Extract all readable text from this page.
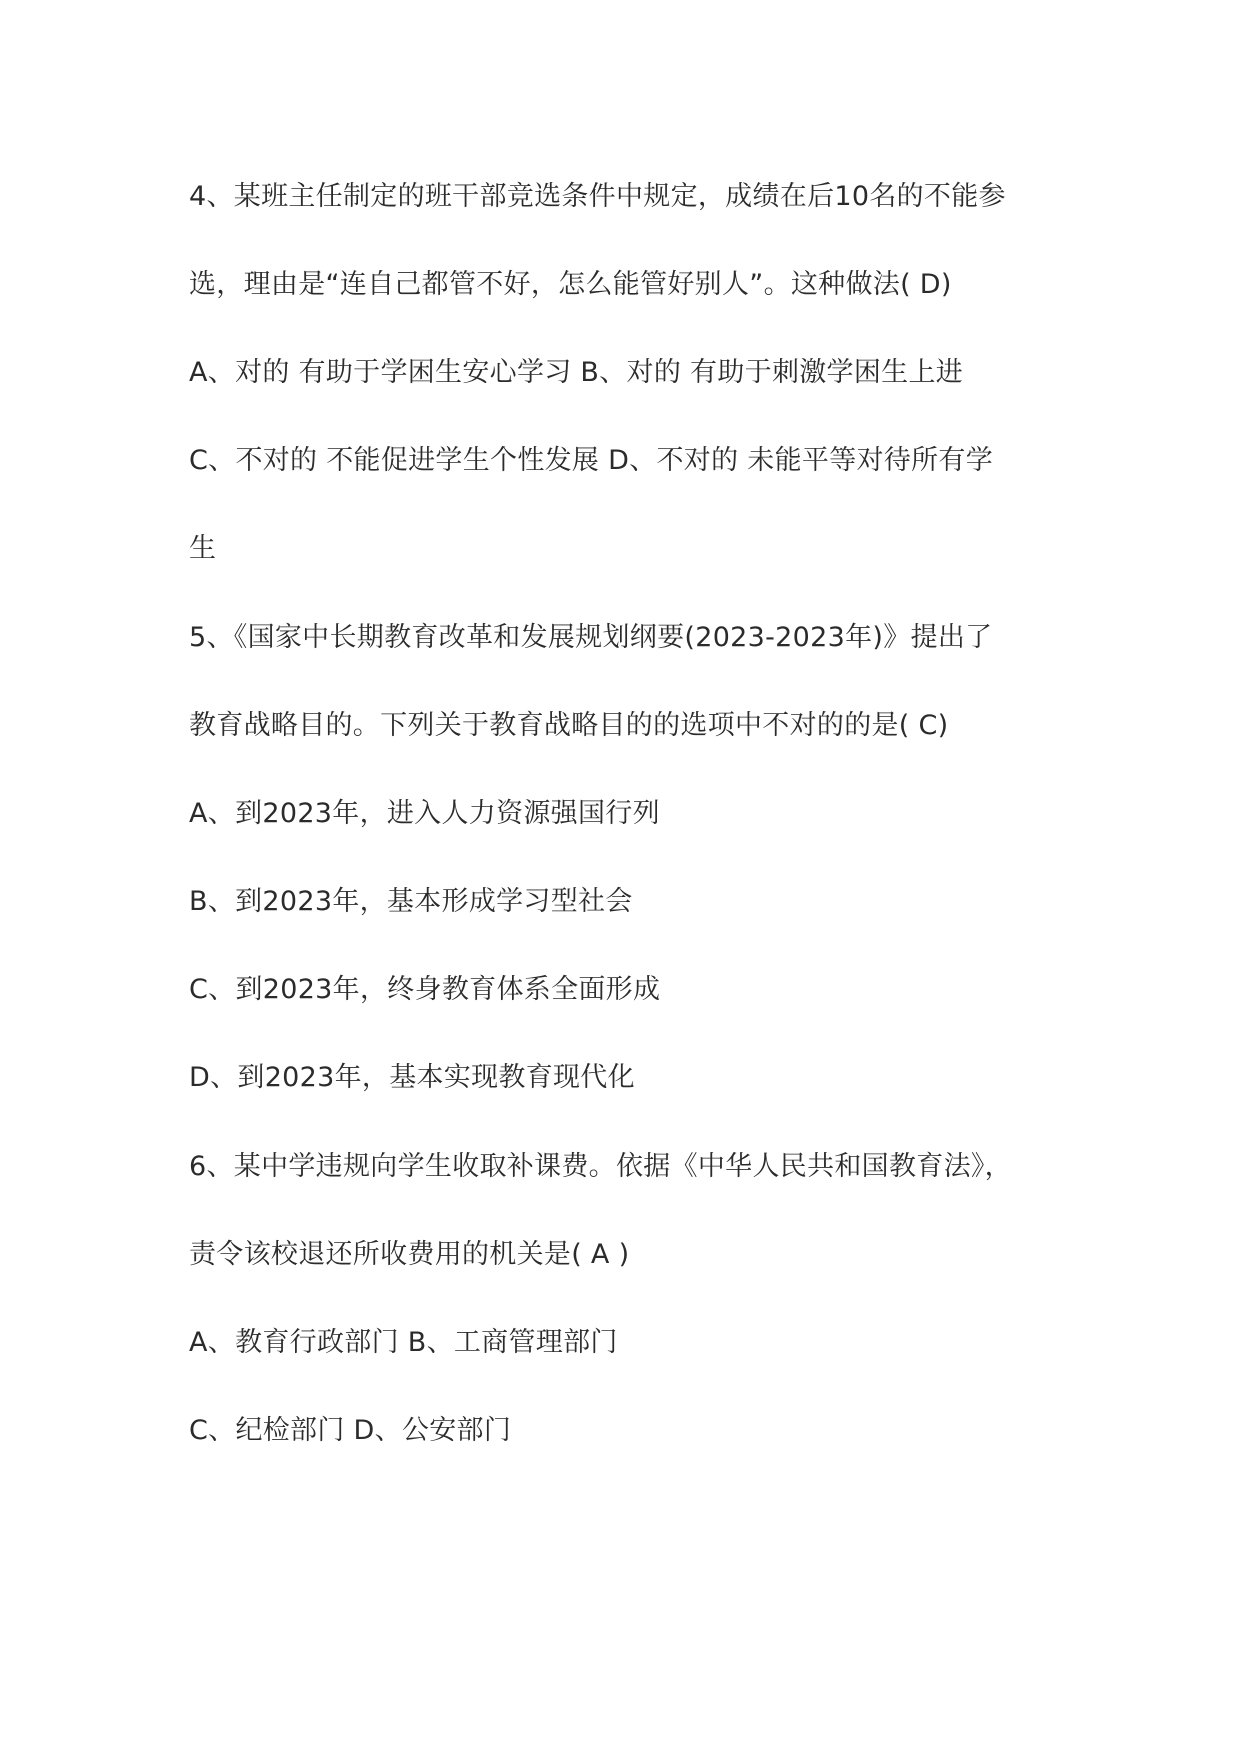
4、某班主任制定的班干部竞选条件中规定，成绩在后10名的不能参
选，理由是“连自己都管不好，怎么能管好别人”。这种做法( D)
A、对的 有助于学困生安心学习 B、对的 有助于刺激学困生上进
C、不对的 不能促进学生个性发展 D、不对的 未能平等对待所有学
生
5、《国家中长期教育改革和发展规划纲要(2023-2023年)》提出了
教育战略目的。下列关于教育战略目的的选项中不对的的是( C)
A、到2023年，进入人力资源强国行列
B、到2023年，基本形成学习型社会
C、到2023年，终身教育体系全面形成
D、到2023年，基本实现教育现代化
6、某中学违规向学生收取补课费。依据《中华人民共和国教育法》，
责令该校退还所收费用的机关是( A )
A、教育行政部门 B、工商管理部门
C、纪检部门 D、公安部门
